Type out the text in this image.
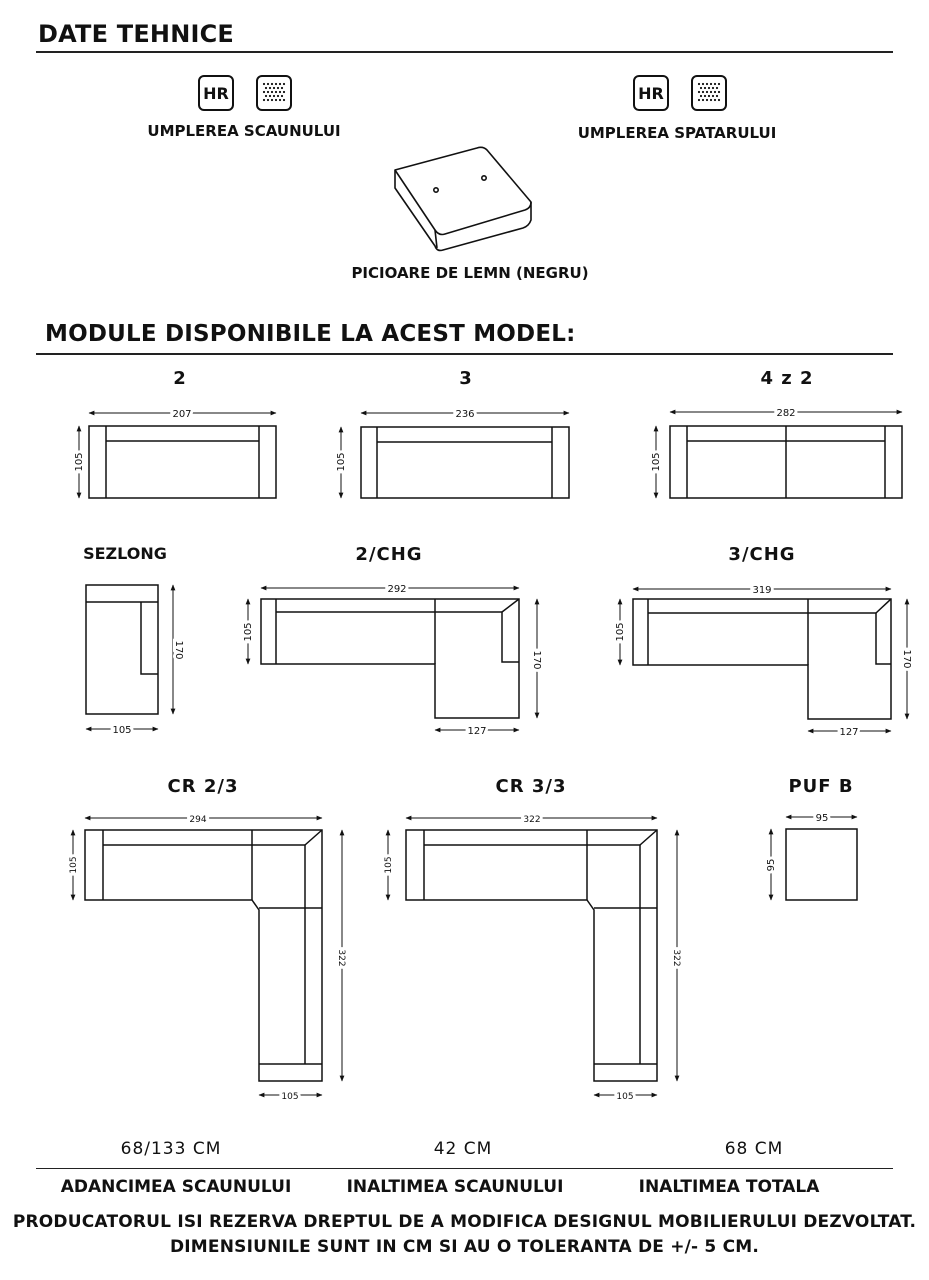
DATE TEHNICE
HR
UMPLEREA SCAUNULUI
HR
UMPLEREA SPATARULUI
PICIOARE DE LEMN (NEGRU)
MODULE DISPONIBILE LA ACEST MODEL:
2	3	4 z 2
SEZLONG	2/CHG	3/CHG
CR 2/3	CR 3/3	PUF B
207
105
236
105
282
105
170
105
292
105
170
127
319
105
170
127
294
105
322
105
322
105
322
105
95
95
68/133 CM	42 CM	68 CM
ADANCIMEA SCAUNULUI	INALTIMEA SCAUNULUI	INALTIMEA TOTALA
PRODUCATORUL ISI REZERVA DREPTUL DE A MODIFICA DESIGNUL MOBILIERULUI DEZVOLTAT.
DIMENSIUNILE SUNT IN CM SI AU O TOLERANTA DE +/- 5 CM.
